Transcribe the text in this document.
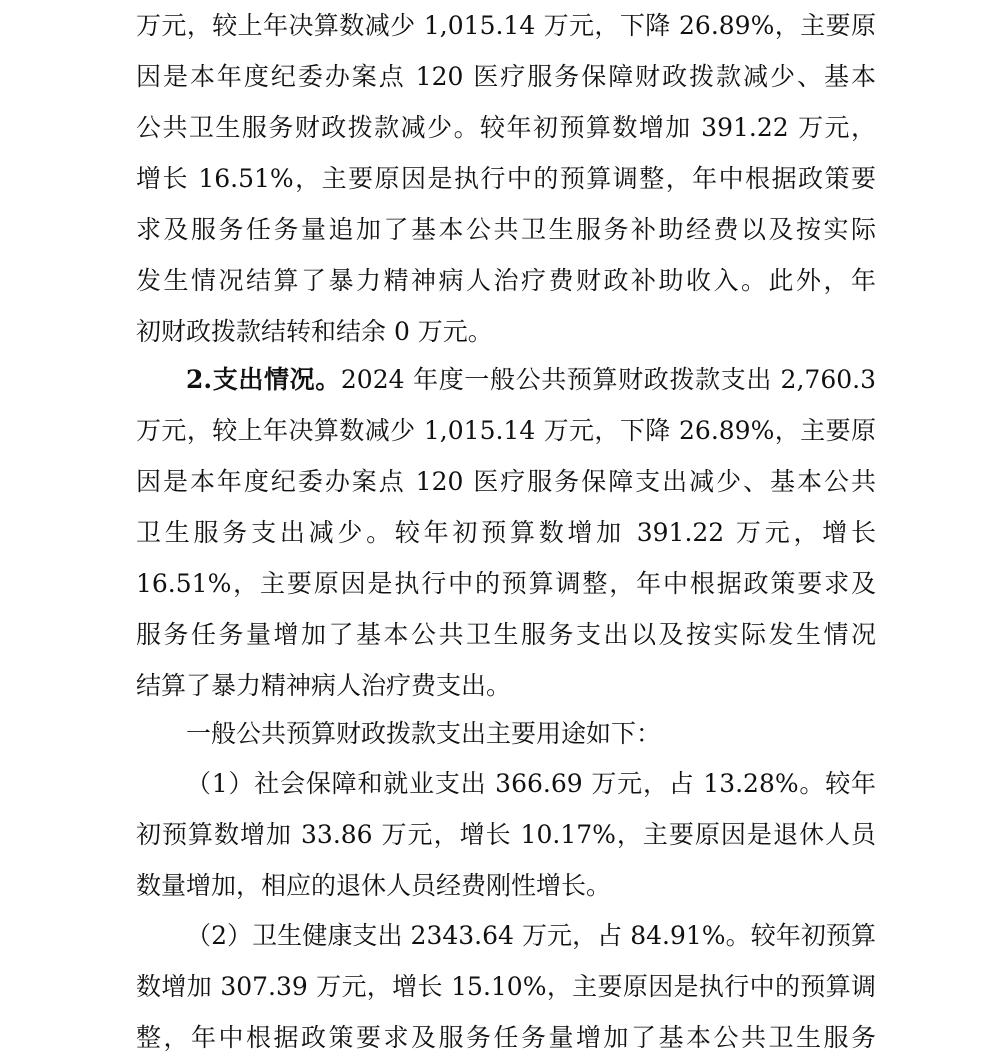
万元，较上年决算数减少 1,015.14 万元，下降 26.89%，主要原
因是本年度纪委办案点 120 医疗服务保障财政拨款减少、基本
公共卫生服务财政拨款减少。较年初预算数增加 391.22 万元，
增长 16.51%，主要原因是执行中的预算调整，年中根据政策要
求及服务任务量追加了基本公共卫生服务补助经费以及按实际
发生情况结算了暴力精神病人治疗费财政补助收入。此外，年
初财政拨款结转和结余 0 万元。
2.支出情况。2024 年度一般公共预算财政拨款支出 2,760.3
万元，较上年决算数减少 1,015.14 万元，下降 26.89%，主要原
因是本年度纪委办案点 120 医疗服务保障支出减少、基本公共
卫生服务支出减少。较年初预算数增加 391.22 万元，增长
16.51%，主要原因是执行中的预算调整，年中根据政策要求及
服务任务量增加了基本公共卫生服务支出以及按实际发生情况
结算了暴力精神病人治疗费支出。
一般公共预算财政拨款支出主要用途如下：
（1）社会保障和就业支出 366.69 万元，占 13.28%。较年
初预算数增加 33.86 万元，增长 10.17%，主要原因是退休人员
数量增加，相应的退休人员经费刚性增长。
（2）卫生健康支出 2343.64 万元，占 84.91%。较年初预算
数增加 307.39 万元，增长 15.10%，主要原因是执行中的预算调
整，年中根据政策要求及服务任务量增加了基本公共卫生服务
